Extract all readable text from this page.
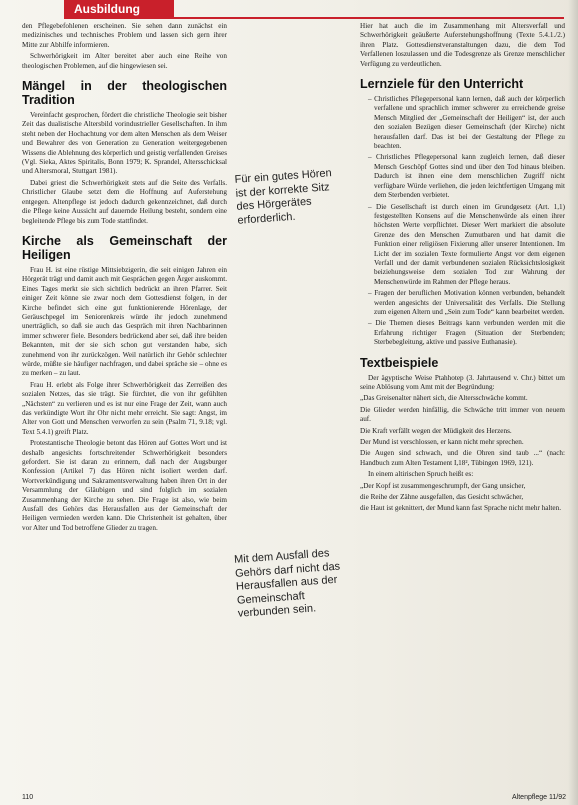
Ausbildung

den Pflegebefohlenen erscheinen. Sie sehen dann zunächst ein medizinisches und technisches Problem und lassen sich gern ihrer Mitte zur Abhilfe informieren.

Schwerhörigkeit im Alter bereitet aber auch eine Reihe von theologischen Problemen, auf die hingewiesen sei.

Mängel in der theologischen Tradition

Vereinfacht gesprochen, fördert die christliche Theologie seit bisher Zeit das dualistische Altersbild vorindustrieller Gesellschaften. In ihm steht neben der Hochachtung vor dem alten Menschen als dem Weiser und Bewahrer des von Generation zu Generation weitergegebenen Wissens die Ablehnung des körperlich und geistig verfallenden Greises (Vgl. Sieka, Aktes Spiritalis, Bonn 1979; K. Sprandel, Altersschicksal und Altersmoral, Stuttgart 1981).

Dabei griest die Schwerhörigkeit stets auf die Seite des Verfalls. Christlicher Glaube setzt dem die Hoffnung auf Auferstehung entgegen. Altenpflege ist jedoch dadurch gekennzeichnet, daß durch die Pflege keine Aussicht auf dauernde Heilung besteht, sondern eine begleitende Pflege bis zum Tode stattfindet.

Kirche als Gemeinschaft der Heiligen

Frau H. ist eine rüstige Mittsiebzigerin, die seit einigen Jahren ein Hörgerät trägt und damit auch mit Gesprächen gegen Ärger auskommt. Eines Tages merkt sie sich sichtlich bedrückt an ihren Pfarrer. Seit einiger Zeit könne sie zwar noch dem Gottesdienst folgen, in der Kirche befindet sich eine gut funktionierende Hörenlage, der Geräuschpegel im Seniorenkreis würde ihr jedoch zunehmend unerträglich, so daß sie auch das Gespräch mit ihren Nachbarinnen immer schwerer fiele. Besonders bedrückend aber sei, daß ihre beiden Bekannten, mit der sie sich schon gut verstanden habe, sich zunehmend von ihr zurückzögen. Weil natürlich ihr Gehör schlechter würde, müßte sie häufiger nachfragen, und dabei spräche sie – ohne es zu merken – zu laut.

Frau H. erlebt als Folge ihrer Schwerhörigkeit das Zerreißen des sozialen Netzes, das sie trägt. Sie fürchtet, die von ihr gefühlten „Nächsten“ zu verlieren und es ist nur eine Frage der Zeit, wann auch das verkündigte Wort ihr Ohr nicht mehr erreicht. Sie sagt: Angst, im Alter von Gott und Menschen verworfen zu sein (Psalm 71, 9.18; vgl. Text 5.4.1) greift Platz.

Protestantische Theologie betont das Hören auf Gottes Wort und ist deshalb angesichts fortschreitender Schwerhörigkeit besonders gefordert. Sie ist daran zu erinnern, daß nach der Augsburger Konfession (Artikel 7) das Hören nicht isoliert werden darf. Wortverkündigung und Sakramentsverwaltung haben ihren Ort in der Versammlung der Gläubigen und sind folglich im sozialen Zusammenhang der Kirche zu sehen. Die Frage ist also, wie beim Ausfall des Gehörs das Herausfallen aus der Gemeinschaft der Heiligen vermieden werden kann. Die Christenheit ist gehalten, über vor Alter und Tod betroffene Glieder zu tragen.

Für ein gutes Hören ist der korrekte Sitz des Hörgerätes erforderlich.
Mit dem Ausfall des Gehörs darf nicht das Herausfallen aus der Gemeinschaft verbunden sein.

Hier hat auch die im Zusammenhang mit Altersverfall und Schwerhörigkeit geäußerte Auferstehungshoffnung (Texte 5.4.1./2.) ihren Platz. Gottesdienstveranstaltungen dazu, die dem Tod Verfallenen loszulassen und die Todesgrenze als Grenze menschlicher Verfügung zu verdeutlichen.

Lernziele für den Unterricht
– Christliches Pflegepersonal kann lernen, daß auch der körperlich verfallene und sprachlich immer schwerer zu erreichende greise Mensch Mitglied der „Gemeinschaft der Heiligen“ ist, der auch den sozialen Bezügen dieser Gemeinschaft (der Kirche) nicht herausfallen darf. Das ist bei der Gestaltung der Pflege zu beachten.
– Christliches Pflegepersonal kann zugleich lernen, daß dieser Mensch Geschöpf Gottes sind und über den Tod hinaus bleiben. Dadurch ist ihnen eine dem menschlichen Zugriff nicht verfügbare Würde verliehen, die jeden leichtfertigen Umgang mit dem Sterbenden verbietet.
– Die Gesellschaft ist durch einen im Grundgesetz (Art. 1,1) festgestellten Konsens auf die Menschenwürde als einen ihrer höchsten Werte verpflichtet. Dieser Wert markiert die absolute Grenze des den Menschen Zumutbaren und hat damit die Funktion einer religiösen Fixierung aller unserer Intentionen. Im Licht der im sozialen Texte formulierte Angst vor dem eigenen Verfall und der damit verbundenen sozialen Rücksichtslosigkeit beiziehungsweise dem sozialen Tod zur Wahrung der Menschenwürde im Rahmen der Pflege heraus.
– Fragen der beruflichen Motivation können verbunden, behandelt werden angesichts der Universalität des Verfalls. Die Stellung zum eigenen Altern und „Sein zum Tode“ kann bearbeitet werden.
– Die Themen dieses Beitrags kann verbunden werden mit die Erfahrung richtiger Fragen (Situation der Sterbenden; Sterbebegleitung, aktive und passive Euthanasie).
Textbeispiele

Der ägyptische Weise Ptahhotep (3. Jahrtausend v. Chr.) bittet um seine Ablösung vom Amt mit der Begründung:

„Das Greisenalter nähert sich, die Altersschwäche kommt.

Die Glieder werden hinfällig, die Schwäche tritt immer von neuem auf.

Die Kraft verfällt wegen der Müdigkeit des Herzens.

Der Mund ist verschlossen, er kann nicht mehr sprechen.

Die Augen sind schwach, und die Ohren sind taub ...“ (nach: Handbuch zum Alten Testament I,18², Tübingen 1969, 121).

In einem altirischen Spruch heißt es:

„Der Kopf ist zusammengeschrumpft, der Gang unsicher,

die Reihe der Zähne ausgefallen, das Gesicht schwächer,

die Haut ist geknittert, der Mund kann fast Sprache nicht mehr halten.

110	Altenpflege 11/92
